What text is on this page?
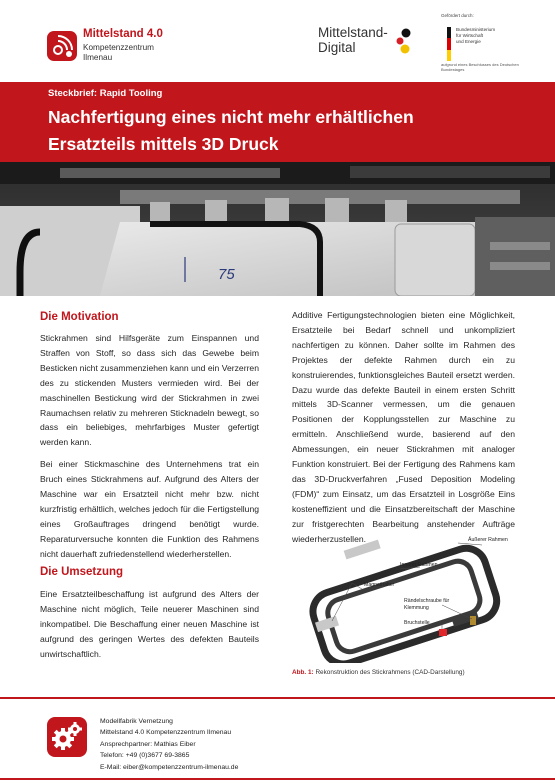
Mittelstand 4.0
Kompetenzzentrum
Ilmenau
Mittelstand-
Digital
Gefördert durch:
Bundesministerium
für Wirtschaft
und Energie
aufgrund eines Beschlusses des Deutschen Bundestages
Steckbrief: Rapid Tooling
Nachfertigung eines nicht mehr erhältlichen
Ersatzteils mittels 3D Druck
75
Die Motivation

Stickrahmen sind Hilfsgeräte zum Einspannen und Straffen von Stoff, so dass sich das Gewebe beim Besticken nicht zusammenziehen kann und ein Verzerren des zu stickenden Musters vermieden wird. Bei der maschinellen Bestickung wird der Stickrahmen in zwei Raumachsen relativ zu mehreren Sticknadeln bewegt, so dass ein beliebiges, mehrfarbiges Muster gefertigt werden kann.

Bei einer Stickmaschine des Unternehmens trat ein Bruch eines Stickrahmens auf. Aufgrund des Alters der Maschine war ein Ersatzteil nicht mehr bzw. nicht kurzfristig erhältlich, welches jedoch für die Fertigstellung eines Großauftrages dringend benötigt wurde. Reparaturversuche konnten die Funktion des Rahmens nicht dauerhaft zufriedenstellend wiederherstellen.

Die Umsetzung

Eine Ersatzteilbeschaffung ist aufgrund des Alters der Maschine nicht möglich, Teile neuerer Maschinen sind inkompatibel. Die Beschaffung einer neuen Maschine ist aufgrund des geringen Wertes des defekten Bauteils unwirtschaftlich.

Additive Fertigungstechnologien bieten eine Möglichkeit, Ersatzteile bei Bedarf schnell und unkompliziert nachfertigen zu können. Daher sollte im Rahmen des Projektes der defekte Rahmen durch ein zu konstruierendes, funktionsgleiches Bauteil ersetzt werden. Dazu wurde das defekte Bauteil in einem ersten Schritt mittels 3D-Scanner vermessen, um die genauen Positionen der Kopplungsstellen zur Maschine zu ermitteln. Anschließend wurde, basierend auf den Abmessungen, ein neuer Stickrahmen mit analoger Funktion konstruiert. Bei der Fertigung des Rahmens kam das 3D-Druckverfahren „Fused Deposition Modeling (FDM)“ zum Einsatz, um das Ersatzteil in Losgröße Eins kosteneffizient und die Einsatzbereitschaft der Maschine zur fristgerechten Bearbeitung anstehender Aufträge wiederherzustellen.	Äußerer Rahmen
Innerer Rahmen
Magnethalter
Rändelschraube für
Klemmung
Bruchstelle
Abb. 1: Rekonstruktion des Stickrahmens (CAD-Darstellung)
Modellfabrik Vernetzung
Mittelstand 4.0 Kompetenzzentrum Ilmenau
Ansprechpartner: Mathias Eiber
Telefon: +49 (0)3677 69-3865
E-Mail: eiber@kompetenzzentrum-ilmenau.de
